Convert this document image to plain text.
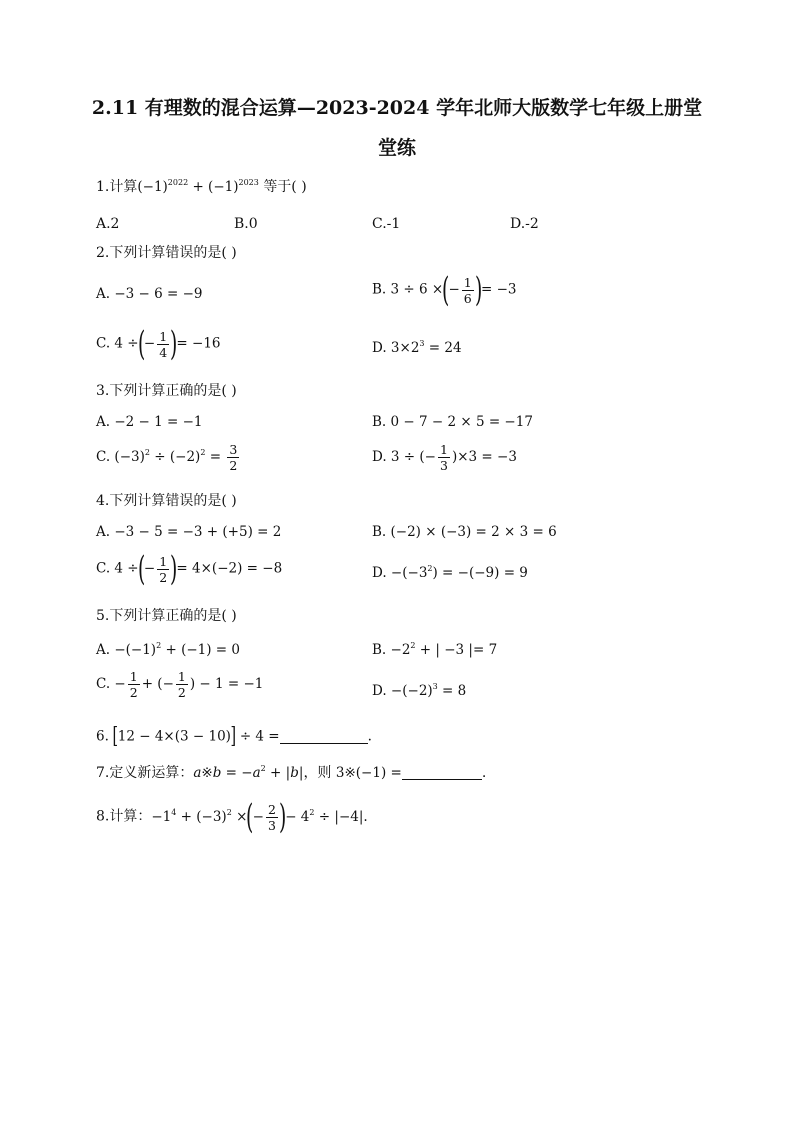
2.11 有理数的混合运算—2023-2024 学年北师大版数学七年级上册堂
堂练
1.计算$(-1)^{2022} + (-1)^{2023}$ 等于( )
A.2	B.0	C.-1	D.-2
2.下列计算错误的是( )
A. −3 − 6 = −9	B. 3 ÷ 6 ×(− $\frac{1}{6}$ )= −3
C. 4 ÷(− $\frac{1}{4}$ )= −16	D. $3\times 2^3 = 24$
3.下列计算正确的是( )
A. −2 − 1 = −1	B. 0 − 7 − 2 × 5 = −17
C. $(-3)^2 \div (-2)^2 = \frac{3}{2}$	D. 3 ÷ (− $\frac{1}{3} )\times 3 = -3$
4.下列计算错误的是( )
A. −3 − 5 = −3 + (+5) = 2	B. (−2) × (−3) = 2 × 3 = 6
C. 4 ÷(− $\frac{1}{2}$ )= 4×(−2) = −8	D. $-(-3^2) = -(-9) = 9$
5.下列计算正确的是( )
A. $-(-1)^2 + (-1) = 0$	B. $-2^2$ + | −3 |= 7
C. − $\frac{1}{2}$ + (− $\frac{1}{2}$ ) − 1 = −1	D. $-(-2)^3 = 8$
6. [12 − 4×(3 − 10)] ÷ 4 =	.
7.定义新运算：a※b = $-a^2 + |b|$，则 3※(−1) =	.
8.计算：$-1^4 + (-3)^2$ ×(− $\frac{2}{3}$ )− $4^2 \div |-4|$.
